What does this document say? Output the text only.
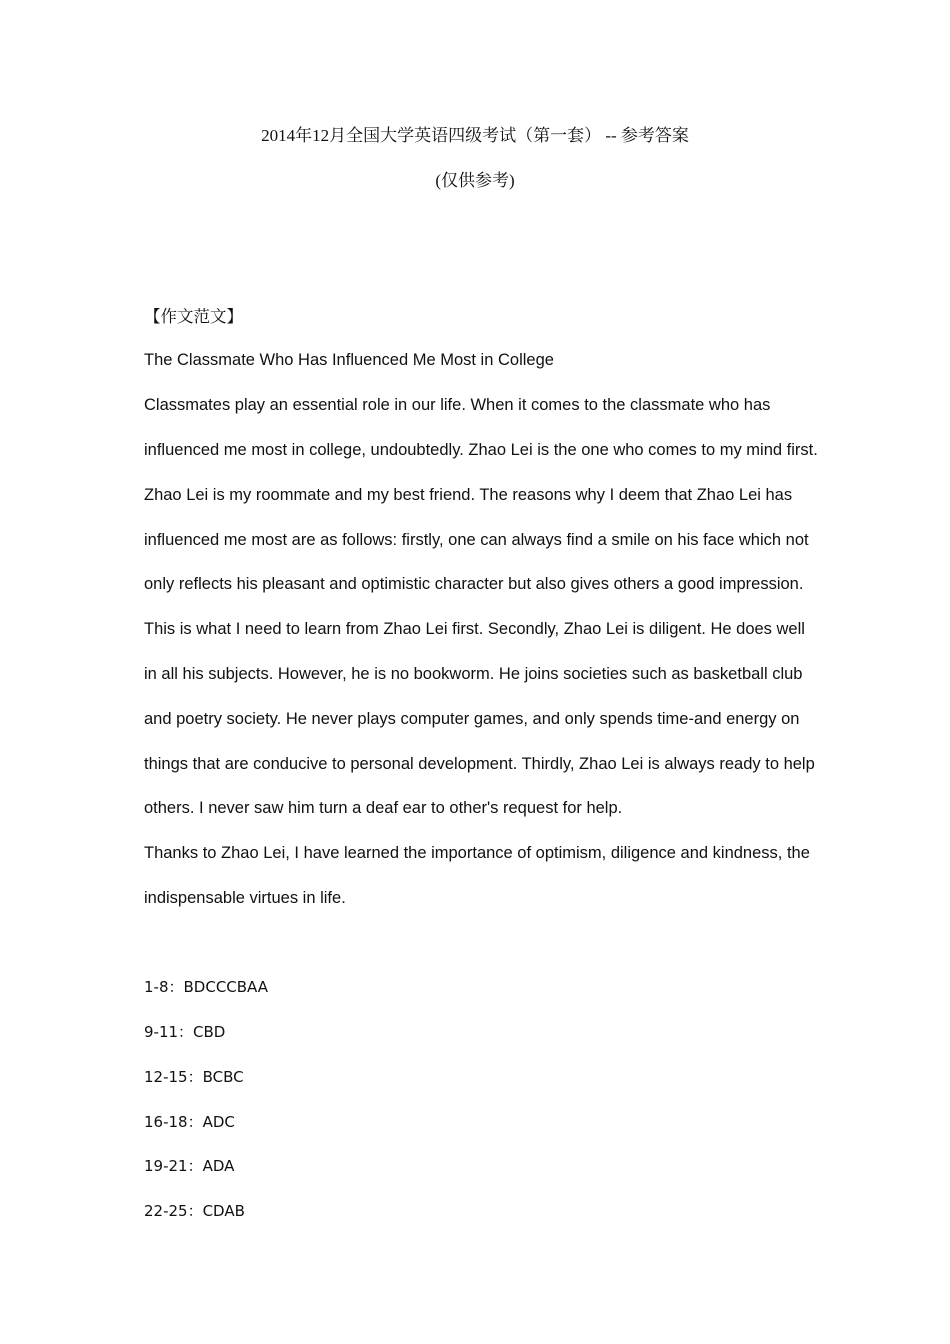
2014年12月全国大学英语四级考试（第一套） -- 参考答案
(仅供参考)
【作文范文】
The Classmate Who Has Influenced Me Most in College
Classmates play an essential role in our life. When it comes to the classmate who has
influenced me most in college, undoubtedly. Zhao Lei is the one who comes to my mind first.
Zhao Lei is my roommate and my best friend. The reasons why I deem that Zhao Lei has
influenced me most are as follows: firstly, one can always find a smile on his face which not
only reflects his pleasant and optimistic character but also gives others a good impression.
This is what I need to learn from Zhao Lei first. Secondly, Zhao Lei is diligent. He does well
in all his subjects. However, he is no bookworm. He joins societies such as basketball club
and poetry society. He never plays computer games, and only spends time-and energy on
things that are conducive to personal development. Thirdly, Zhao Lei is always ready to help
others. I never saw him turn a deaf ear to other's request for help.
Thanks to Zhao Lei, I have learned the importance of optimism, diligence and kindness, the
indispensable virtues in life.
1-8：BDCCCBAA
9-11：CBD
12-15：BCBC
16-18：ADC
19-21：ADA
22-25：CDAB
